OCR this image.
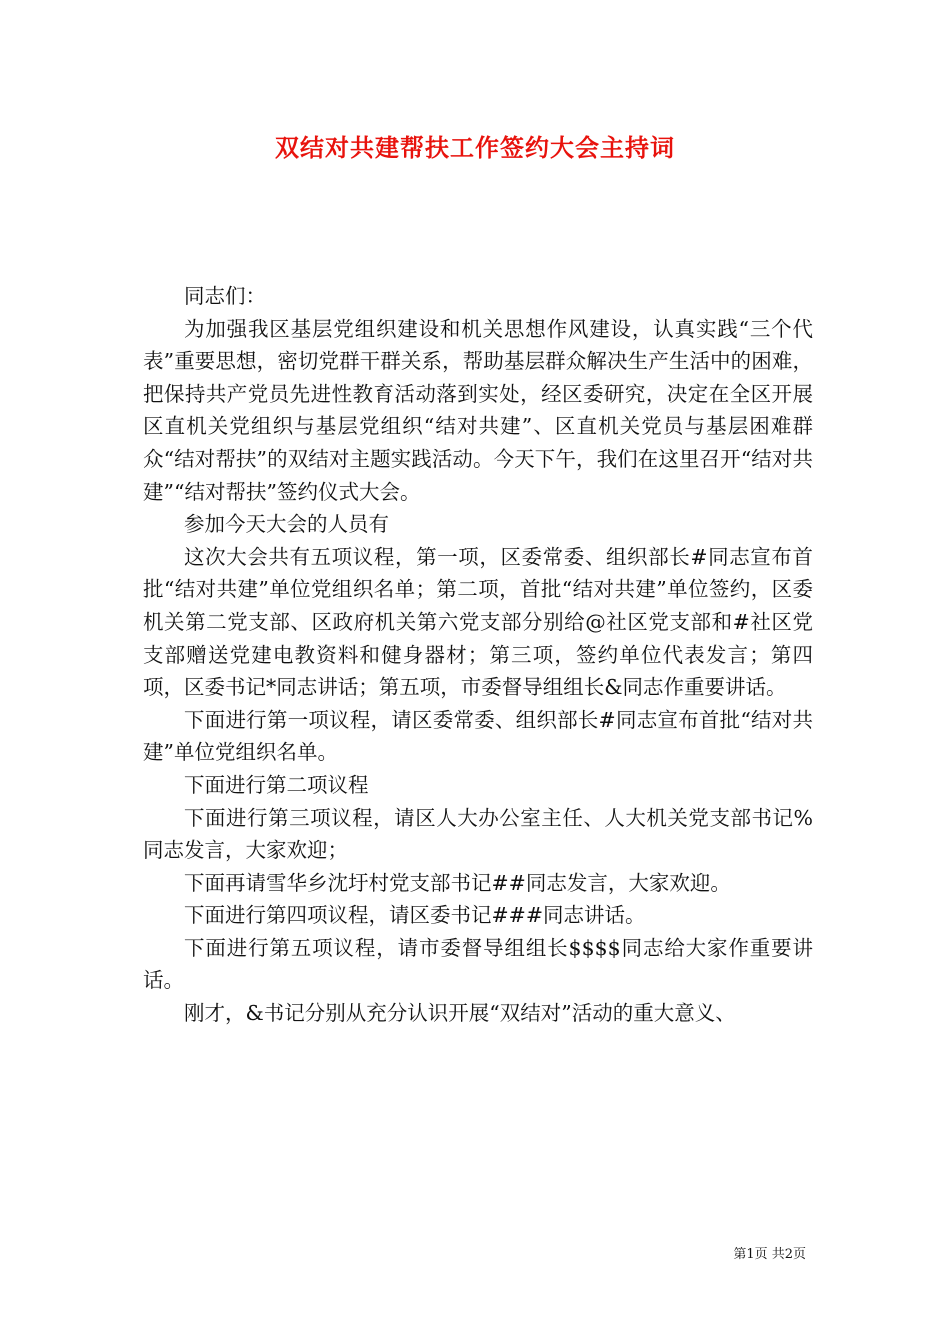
双结对共建帮扶工作签约大会主持词

同志们：

为加强我区基层党组织建设和机关思想作风建设，认真实践“三个代表”重要思想，密切党群干群关系，帮助基层群众解决生产生活中的困难，把保持共产党员先进性教育活动落到实处，经区委研究，决定在全区开展区直机关党组织与基层党组织“结对共建”、区直机关党员与基层困难群众“结对帮扶”的双结对主题实践活动。今天下午，我们在这里召开“结对共建”“结对帮扶”签约仪式大会。

参加今天大会的人员有

这次大会共有五项议程，第一项，区委常委、组织部长#同志宣布首批“结对共建”单位党组织名单；第二项，首批“结对共建”单位签约，区委机关第二党支部、区政府机关第六党支部分别给@社区党支部和#社区党支部赠送党建电教资料和健身器材；第三项，签约单位代表发言；第四项，区委书记*同志讲话；第五项，市委督导组组长&同志作重要讲话。

下面进行第一项议程，请区委常委、组织部长#同志宣布首批“结对共建”单位党组织名单。

下面进行第二项议程

下面进行第三项议程，请区人大办公室主任、人大机关党支部书记%同志发言，大家欢迎；

下面再请雪华乡沈圩村党支部书记##同志发言，大家欢迎。

下面进行第四项议程，请区委书记###同志讲话。

下面进行第五项议程，请市委督导组组长$$$$同志给大家作重要讲话。

刚才，&书记分别从充分认识开展“双结对”活动的重大意义、

第1页 共2页
